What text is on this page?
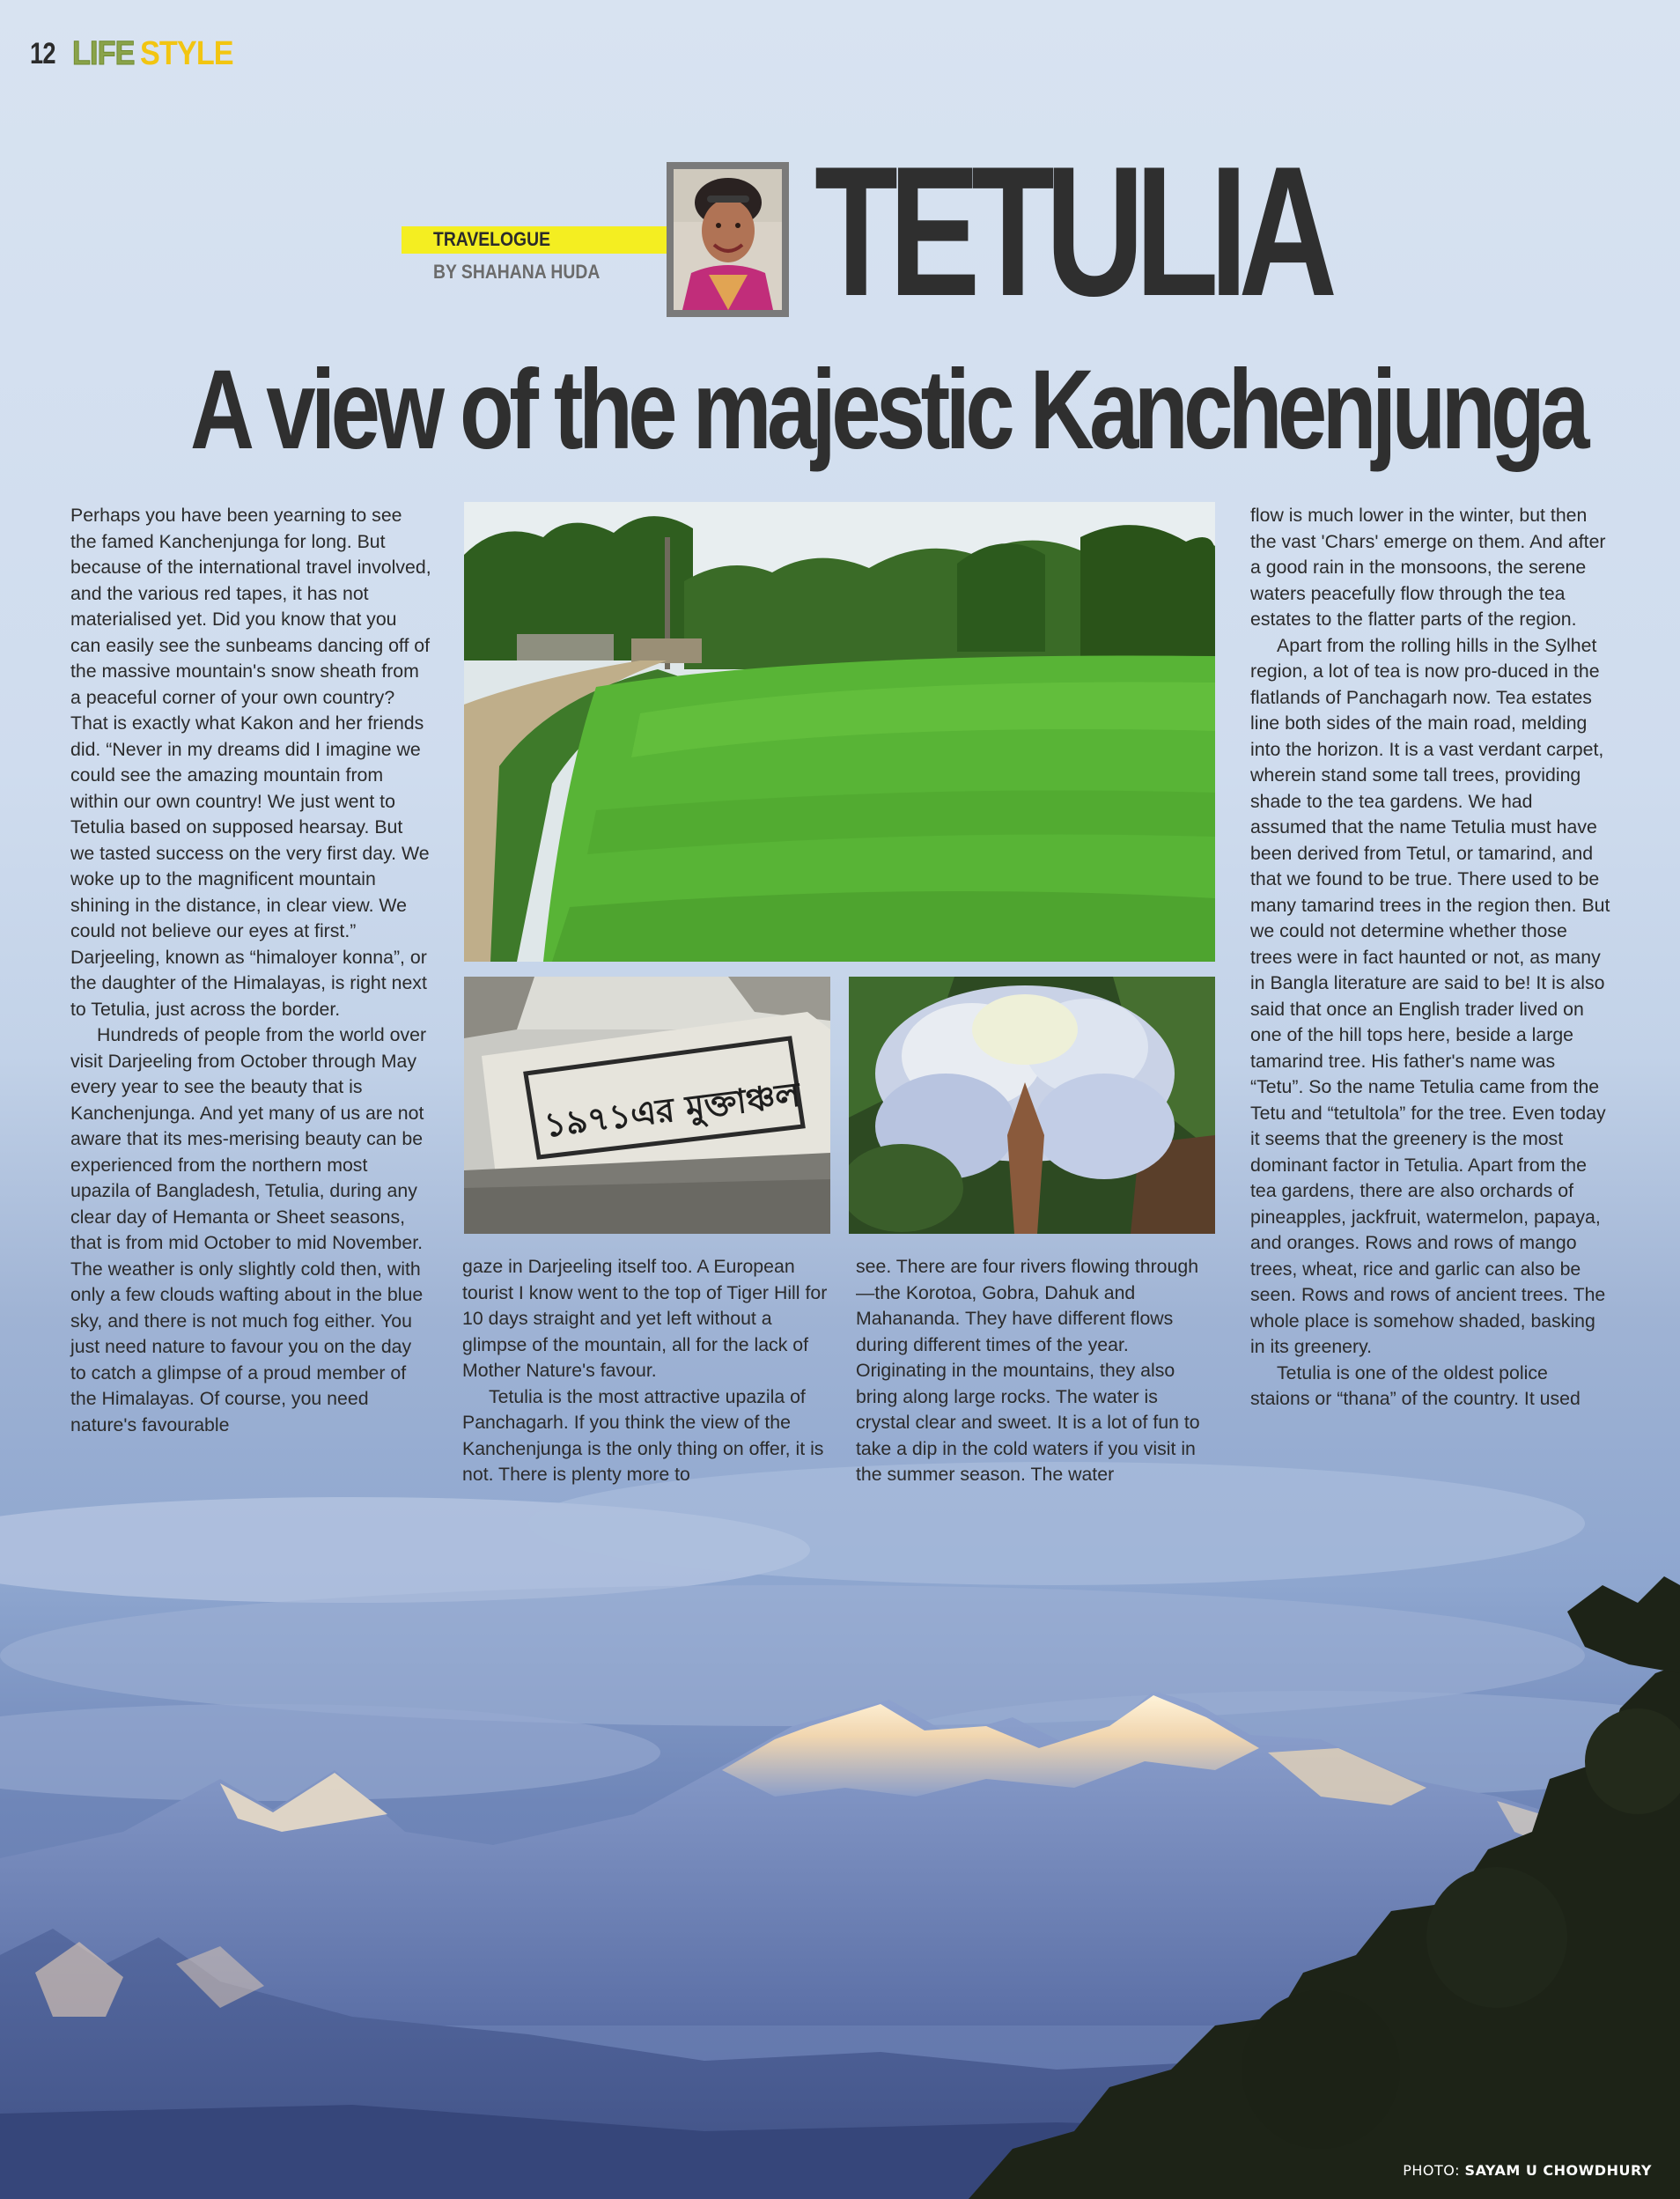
12 LIFE STYLE
TRAVELOGUE
BY SHAHANA HUDA TETULIA
A view of the majestic Kanchenjunga
১৯৭১এর মুক্তাঞ্চল

Perhaps you have been yearning to see the famed Kanchenjunga for long. But because of the international travel involved, and the various red tapes, it has not materialised yet. Did you know that you can easily see the sunbeams dancing off of the massive mountain's snow sheath from a peaceful corner of your own country? That is exactly what Kakon and her friends did. “Never in my dreams did I imagine we could see the amazing mountain from within our own country! We just went to Tetulia based on supposed hearsay. But we tasted success on the very first day. We woke up to the magnificent mountain shining in the distance, in clear view. We could not believe our eyes at first.” Darjeeling, known as “himaloyer konna”, or the daughter of the Himalayas, is right next to Tetulia, just across the border.

Hundreds of people from the world over visit Darjeeling from October through May every year to see the beauty that is Kanchenjunga. And yet many of us are not aware that its mes-merising beauty can be experienced from the northern most upazila of Bangladesh, Tetulia, during any clear day of Hemanta or Sheet seasons, that is from mid October to mid November. The weather is only slightly cold then, with only a few clouds wafting about in the blue sky, and there is not much fog either. You just need nature to favour you on the day to catch a glimpse of a proud member of the Himalayas. Of course, you need nature's favourable

gaze in Darjeeling itself too. A European tourist I know went to the top of Tiger Hill for 10 days straight and yet left without a glimpse of the mountain, all for the lack of Mother Nature's favour.

Tetulia is the most attractive upazila of Panchagarh. If you think the view of the Kanchenjunga is the only thing on offer, it is not. There is plenty more to

see. There are four rivers flowing through—the Korotoa, Gobra, Dahuk and Mahananda. They have different flows during different times of the year. Originating in the mountains, they also bring along large rocks. The water is crystal clear and sweet. It is a lot of fun to take a dip in the cold waters if you visit in the summer season. The water

flow is much lower in the winter, but then the vast 'Chars' emerge on them. And after a good rain in the monsoons, the serene waters peacefully flow through the tea estates to the flatter parts of the region.

Apart from the rolling hills in the Sylhet region, a lot of tea is now pro-duced in the flatlands of Panchagarh now. Tea estates line both sides of the main road, melding into the horizon. It is a vast verdant carpet, wherein stand some tall trees, providing shade to the tea gardens. We had assumed that the name Tetulia must have been derived from Tetul, or tamarind, and that we found to be true. There used to be many tamarind trees in the region then. But we could not determine whether those trees were in fact haunted or not, as many in Bangla literature are said to be! It is also said that once an English trader lived on one of the hill tops here, beside a large tamarind tree. His father's name was “Tetu”. So the name Tetulia came from the Tetu and “tetultola” for the tree. Even today it seems that the greenery is the most dominant factor in Tetulia. Apart from the tea gardens, there are also orchards of pineapples, jackfruit, watermelon, papaya, and oranges. Rows and rows of mango trees, wheat, rice and garlic can also be seen. Rows and rows of ancient trees. The whole place is somehow shaded, basking in its greenery.

Tetulia is one of the oldest police staions or “thana” of the country. It used

PHOTO: SAYAM U CHOWDHURY
